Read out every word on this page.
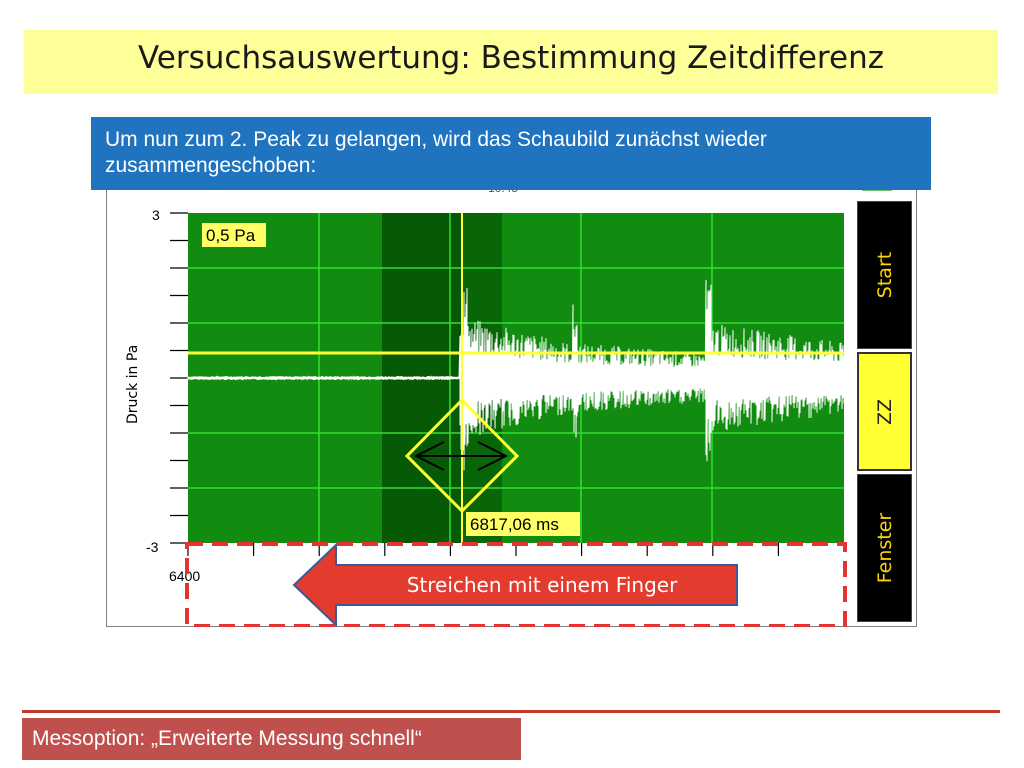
Versuchsauswertung: Bestimmung Zeitdifferenz
0,5 Pa
6817,06 ms
3
-3
6400
Druck in Pa
Streichen mit einem Finger
Start
ZZ
Fenster
Um nun zum 2. Peak zu gelangen, wird das Schaubild zunächst wieder zusammengeschoben:
Messoption: „Erweiterte Messung schnell“
